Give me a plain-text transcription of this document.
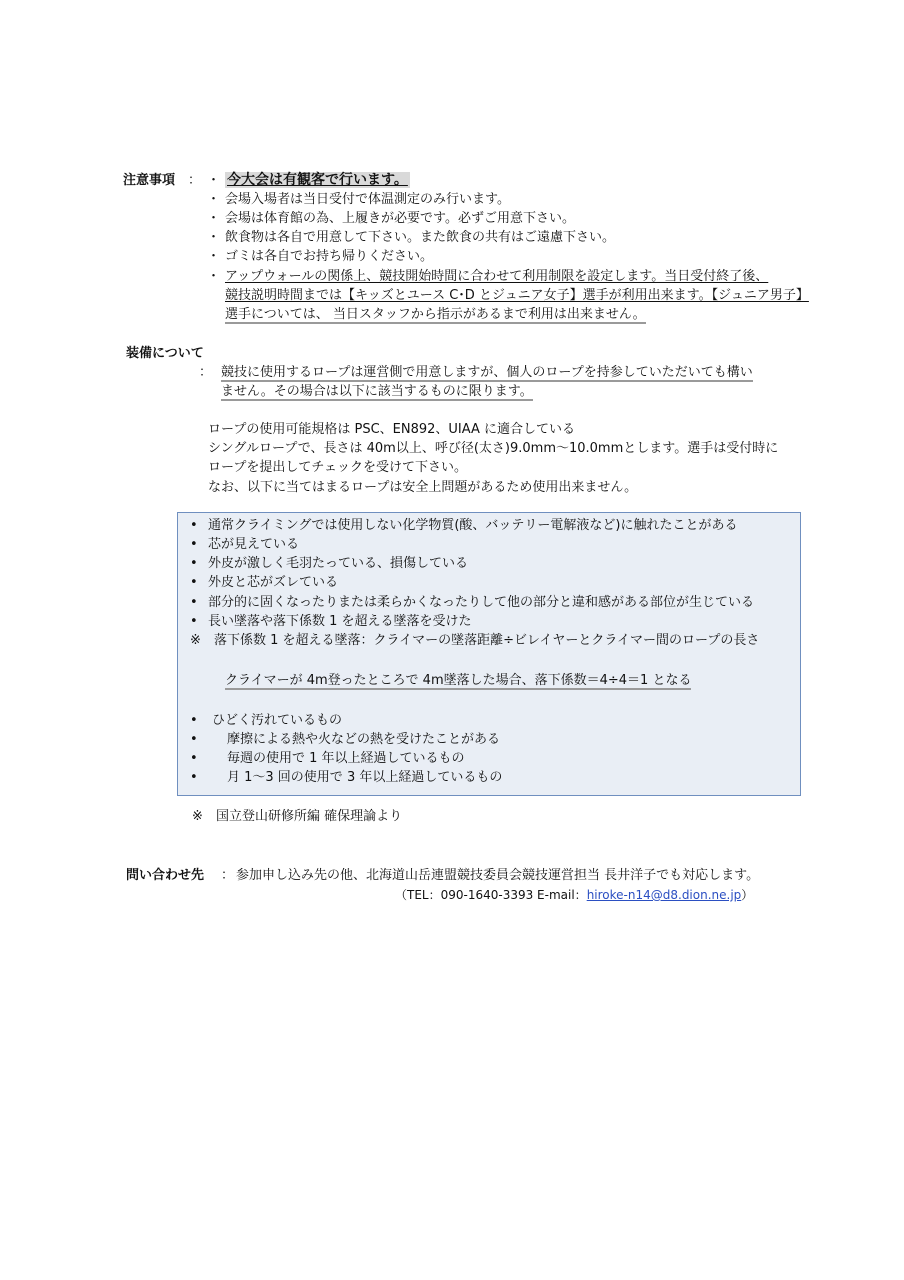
注意事項 ： ・ 今大会は有観客で行います。
・ 会場入場者は当日受付で体温測定のみ行います。
・ 会場は体育館の為、上履きが必要です。必ずご用意下さい。
・ 飲食物は各自で用意して下さい。また飲食の共有はご遠慮下さい。
・ ゴミは各自でお持ち帰りください。
・ アップウォールの関係上、競技開始時間に合わせて利用制限を設定します。当日受付終了後、
競技説明時間までは【キッズとユース C･D とジュニア女子】選手が利用出来ます。【ジュニア男子】
選手については、 当日スタッフから指示があるまで利用は出来ません。
装備について
： 競技に使用するロープは運営側で用意しますが、個人のロープを持参していただいても構い
ません。その場合は以下に該当するものに限ります。
ロープの使用可能規格は PSC、EN892、UIAA に適合している
シングルロープで、長さは 40m以上、呼び径(太さ)9.0mm～10.0mmとします。選手は受付時に
ロープを提出してチェックを受けて下さい。
なお、以下に当てはまるロープは安全上問題があるため使用出来ません。
• 通常クライミングでは使用しない化学物質(酸、バッテリー電解液など)に触れたことがある
• 芯が見えている
• 外皮が激しく毛羽たっている、損傷している
• 外皮と芯がズレている
• 部分的に固くなったりまたは柔らかくなったりして他の部分と違和感がある部位が生じている
• 長い墜落や落下係数 1 を超える墜落を受けた
※ 落下係数 1 を超える墜落：クライマーの墜落距離÷ビレイヤーとクライマー間のロープの長さ
クライマーが 4m登ったところで 4m墜落した場合、落下係数＝4÷4＝1 となる
• ひどく汚れているもの
• 摩擦による熱や火などの熱を受けたことがある
• 毎週の使用で 1 年以上経過しているもの
• 月 1～3 回の使用で 3 年以上経過しているもの
※ 国立登山研修所編 確保理論より
問い合わせ先 ： 参加申し込み先の他、北海道山岳連盟競技委員会競技運営担当 長井洋子でも対応します。
（TEL：090-1640-3393 E-mail：hiroke-n14@d8.dion.ne.jp）
